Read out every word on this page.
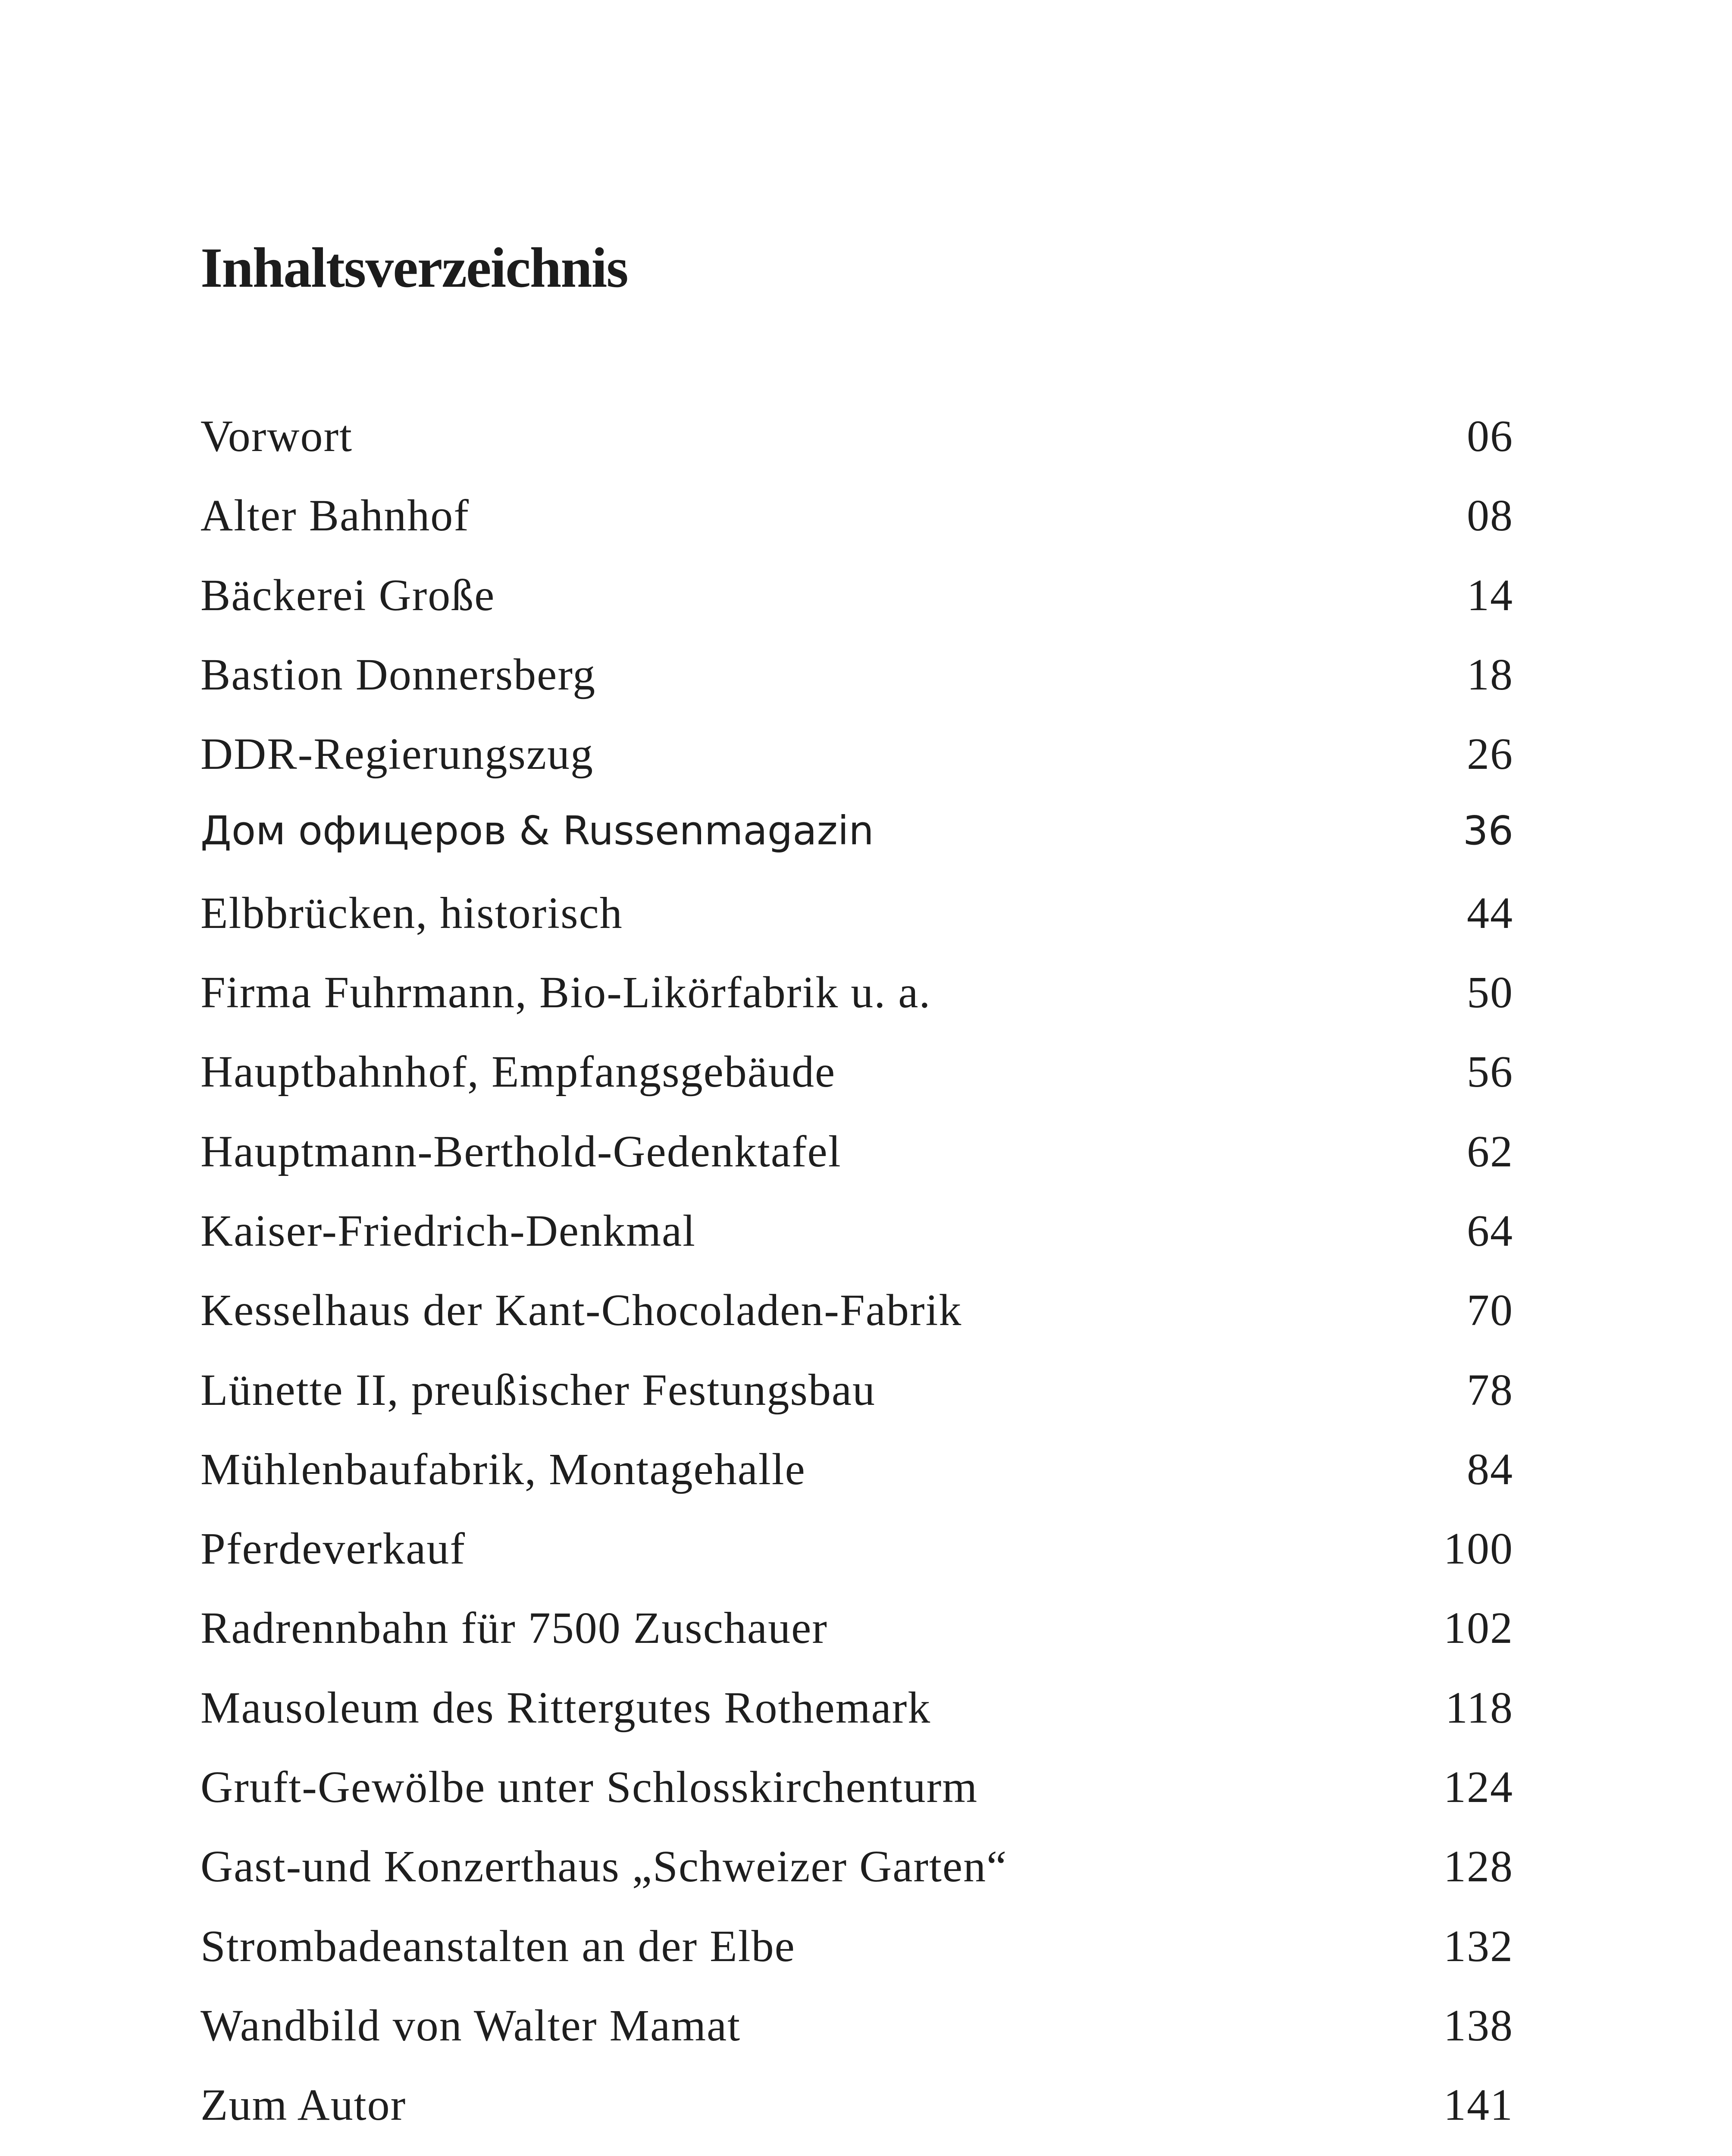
Inhaltsverzeichnis
Vorwort	06
Alter Bahnhof	08
Bäckerei Große	14
Bastion Donnersberg	18
DDR-Regierungszug	26
Дом офицеров & Russenmagazin	36
Elbbrücken, historisch	44
Firma Fuhrmann, Bio-Likörfabrik u. a.	50
Hauptbahnhof, Empfangsgebäude	56
Hauptmann-Berthold-Gedenktafel	62
Kaiser-Friedrich-Denkmal	64
Kesselhaus der Kant-Chocoladen-Fabrik	70
Lünette II, preußischer Festungsbau	78
Mühlenbaufabrik, Montagehalle	84
Pferdeverkauf	100
Radrennbahn für 7500 Zuschauer	102
Mausoleum des Rittergutes Rothemark	118
Gruft-Gewölbe unter Schlosskirchenturm	124
Gast-und Konzerthaus „Schweizer Garten“	128
Strombadeanstalten an der Elbe	132
Wandbild von Walter Mamat	138
Zum Autor	141
